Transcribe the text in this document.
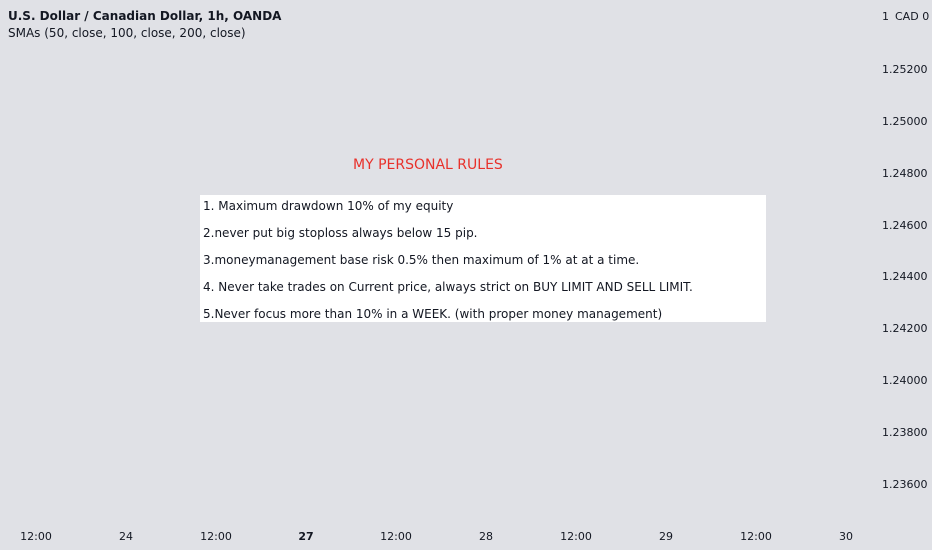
U.S. Dollar / Canadian Dollar, 1h, OANDA
SMAs (50, close, 100, close, 200, close)
MY PERSONAL RULES
1. Maximum drawdown 10% of my equity
2.never put big stoploss always below 15 pip.
3.moneymanagement base risk 0.5% then maximum of 1% at at a time.
4. Never take trades on Current price, always strict on BUY LIMIT AND SELL LIMIT.
5.Never focus more than 10% in a WEEK. (with proper money management)
1 CAD 0
1.25200
1.25000
1.24800
1.24600
1.24400
1.24200
1.24000
1.23800
1.23600
12:00	24	12:00	27	12:00	28	12:00	29	12:00	30
